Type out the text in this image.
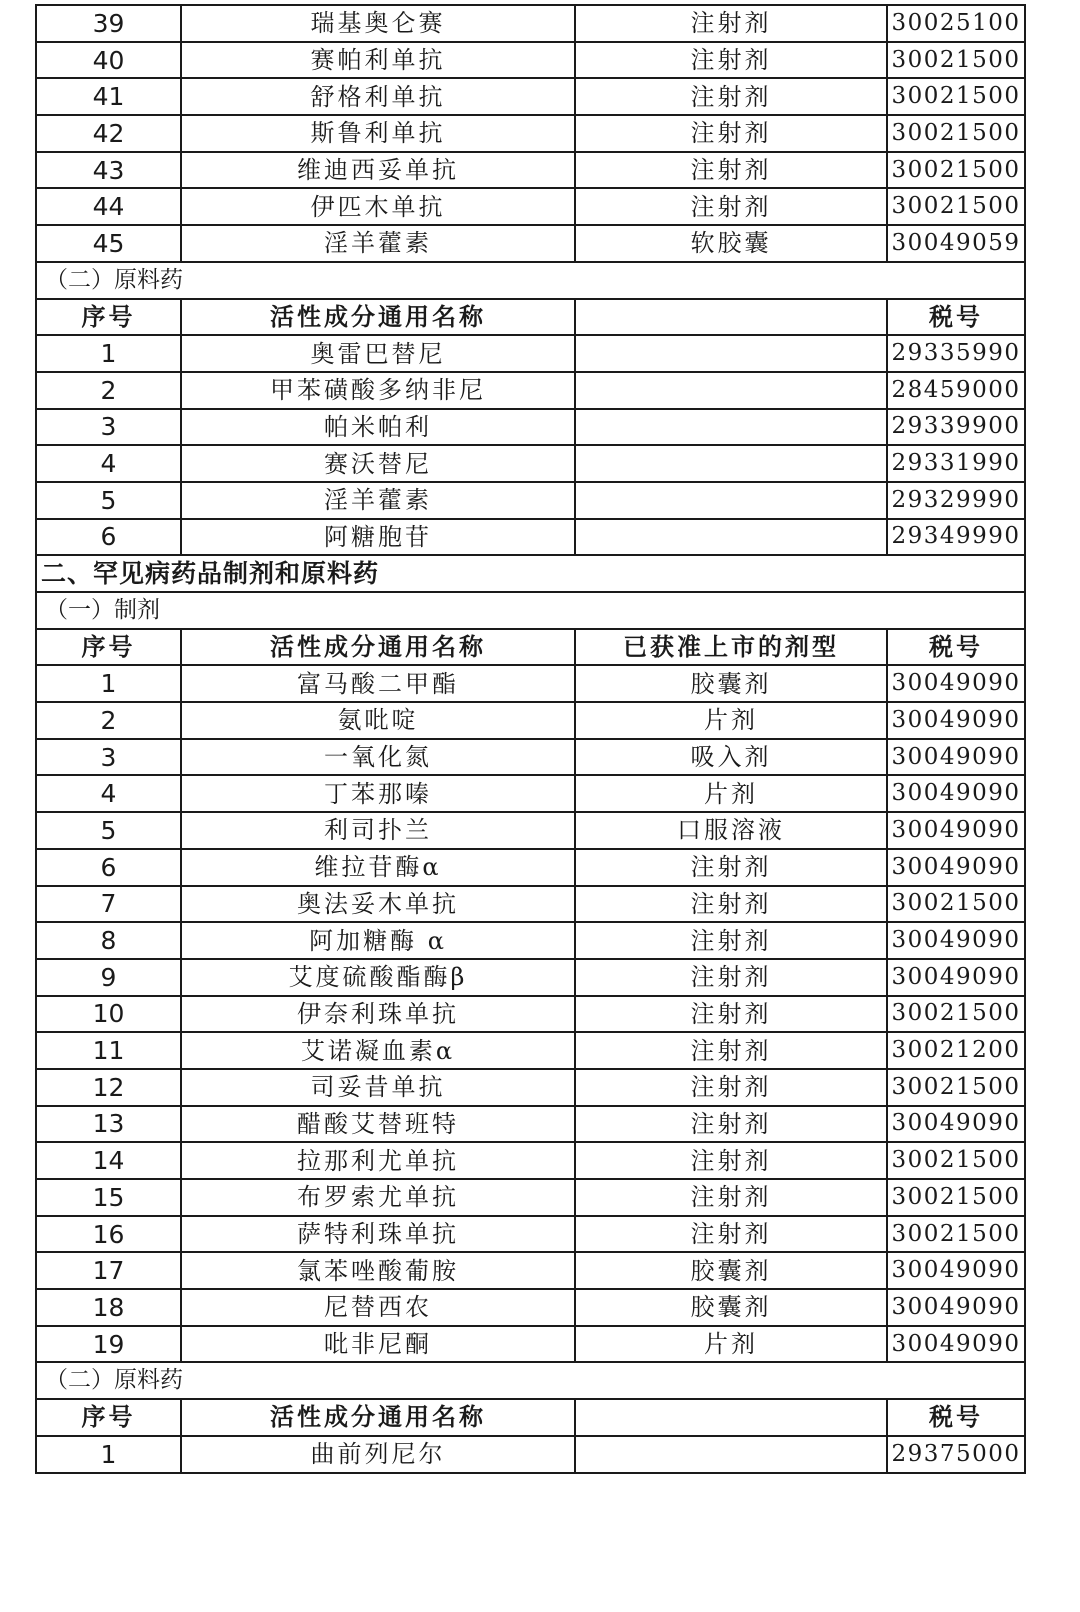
39	瑞基奥仑赛	注射剂	30025100
40	赛帕利单抗	注射剂	30021500
41	舒格利单抗	注射剂	30021500
42	斯鲁利单抗	注射剂	30021500
43	维迪西妥单抗	注射剂	30021500
44	伊匹木单抗	注射剂	30021500
45	淫羊藿素	软胶囊	30049059
（二）原料药			
序号	活性成分通用名称		税号
1	奥雷巴替尼		29335990
2	甲苯磺酸多纳非尼		28459000
3	帕米帕利		29339900
4	赛沃替尼		29331990
5	淫羊藿素		29329990
6	阿糖胞苷		29349990
二、罕见病药品制剂和原料药			
（一）制剂			
序号	活性成分通用名称	已获准上市的剂型	税号
1	富马酸二甲酯	胶囊剂	30049090
2	氨吡啶	片剂	30049090
3	一氧化氮	吸入剂	30049090
4	丁苯那嗪	片剂	30049090
5	利司扑兰	口服溶液	30049090
6	维拉苷酶α	注射剂	30049090
7	奥法妥木单抗	注射剂	30021500
8	阿加糖酶 α	注射剂	30049090
9	艾度硫酸酯酶β	注射剂	30049090
10	伊奈利珠单抗	注射剂	30021500
11	艾诺凝血素α	注射剂	30021200
12	司妥昔单抗	注射剂	30021500
13	醋酸艾替班特	注射剂	30049090
14	拉那利尤单抗	注射剂	30021500
15	布罗索尤单抗	注射剂	30021500
16	萨特利珠单抗	注射剂	30021500
17	氯苯唑酸葡胺	胶囊剂	30049090
18	尼替西农	胶囊剂	30049090
19	吡非尼酮	片剂	30049090
（二）原料药			
序号	活性成分通用名称		税号
1	曲前列尼尔		29375000
